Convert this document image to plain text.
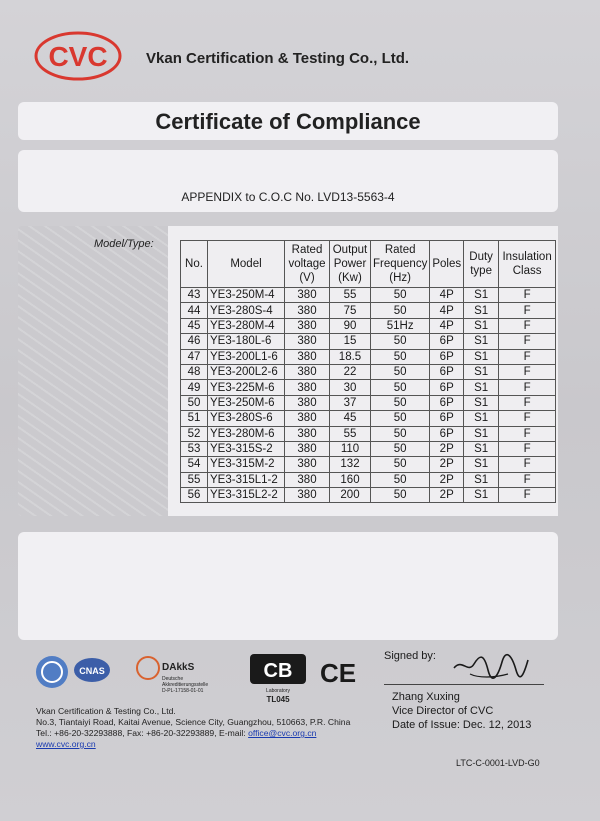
CVC	Vkan Certification & Testing Co., Ltd.
Certificate of Compliance
APPENDIX to C.O.C No. LVD13-5563-4
Model/Type:
No.	Model	Rated voltage (V)	Output Power (Kw)	Rated Frequency (Hz)	Poles	Duty type	Insulation Class
43	YE3-250M-4	380	55	50	4P	S1	F
44	YE3-280S-4	380	75	50	4P	S1	F
45	YE3-280M-4	380	90	51Hz	4P	S1	F
46	YE3-180L-6	380	15	50	6P	S1	F
47	YE3-200L1-6	380	18.5	50	6P	S1	F
48	YE3-200L2-6	380	22	50	6P	S1	F
49	YE3-225M-6	380	30	50	6P	S1	F
50	YE3-250M-6	380	37	50	6P	S1	F
51	YE3-280S-6	380	45	50	6P	S1	F
52	YE3-280M-6	380	55	50	6P	S1	F
53	YE3-315S-2	380	110	50	2P	S1	F
54	YE3-315M-2	380	132	50	2P	S1	F
55	YE3-315L1-2	380	160	50	2P	S1	F
56	YE3-315L2-2	380	200	50	2P	S1	F
CNAS	DAkkS
Deutsche
Akkreditierungsstelle
D-PL-17158-01-01
CB
Laboratory
TL045
CE
Signed by:
Zhang Xuxing
Vice Director of CVC
Date of Issue: Dec. 12, 2013
Vkan Certification & Testing Co., Ltd.
No.3, Tiantaiyi Road, Kaitai Avenue, Science City, Guangzhou, 510663, P.R. China
Tel.: +86-20-32293888, Fax: +86-20-32293889, E-mail: office@cvc.org.cn
www.cvc.org.cn
LTC-C-0001-LVD-G0
